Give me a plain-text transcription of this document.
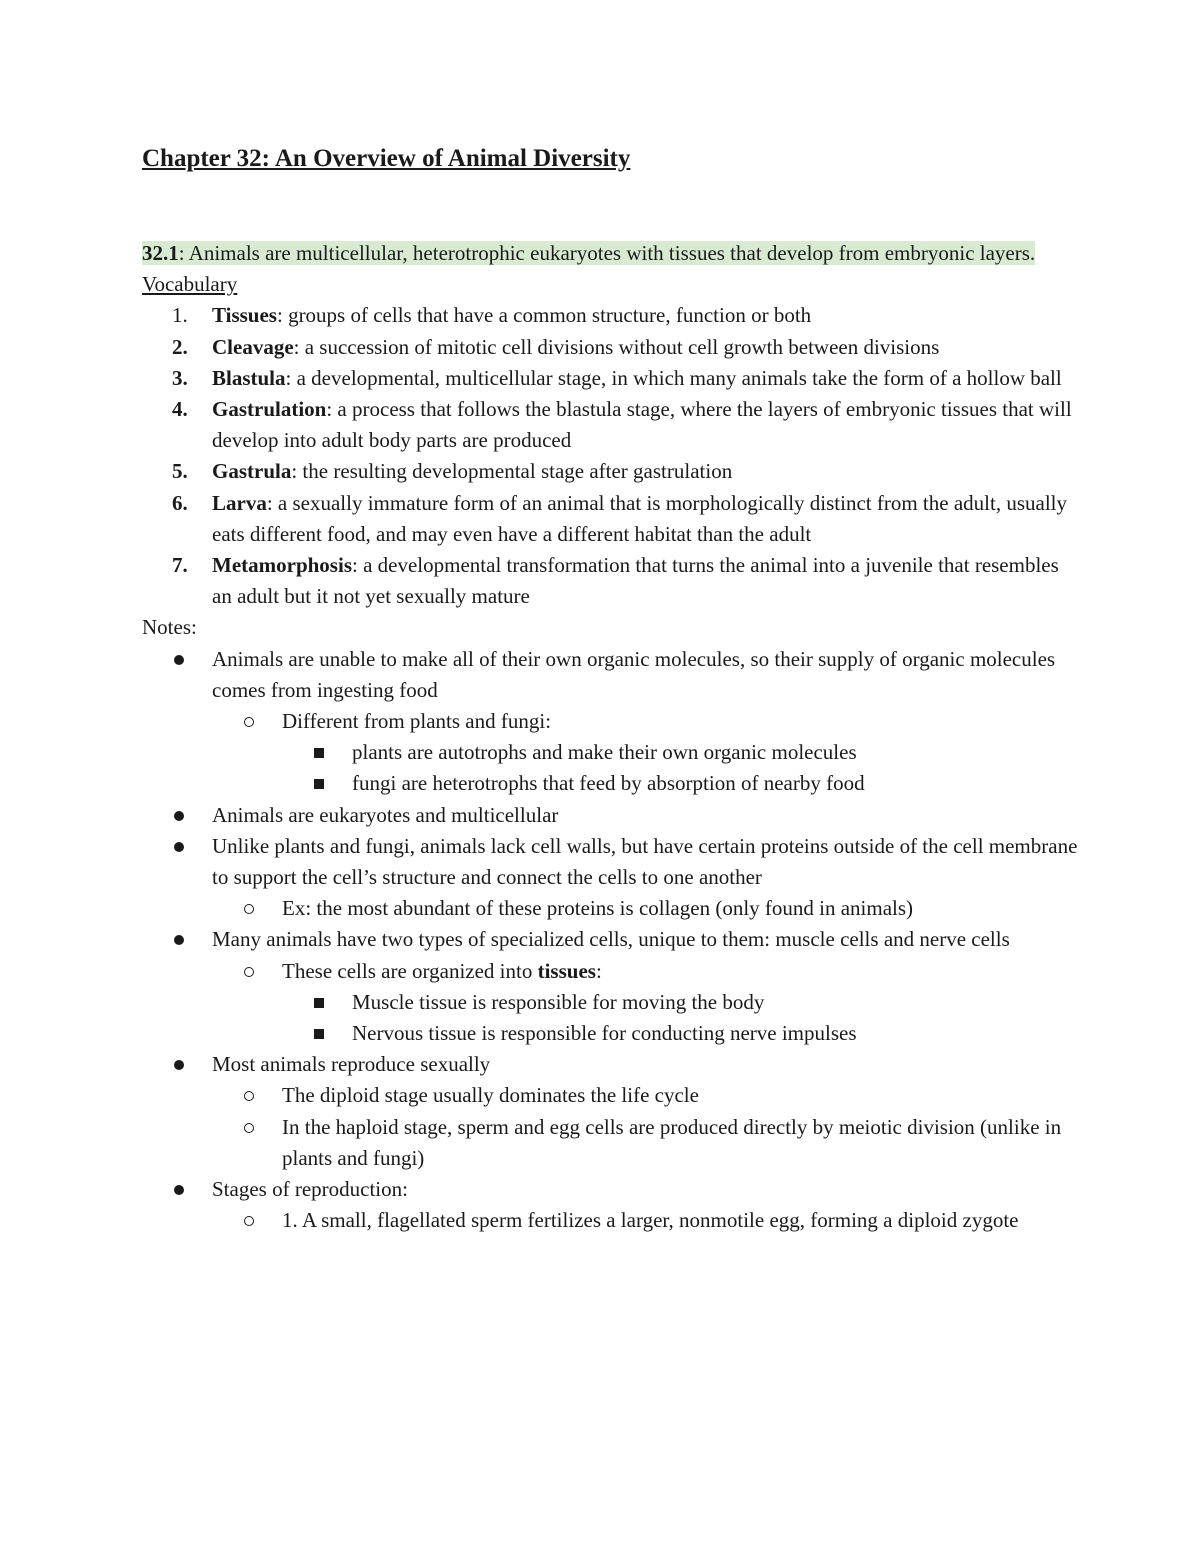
Chapter 32: An Overview of Animal Diversity
32.1: Animals are multicellular, heterotrophic eukaryotes with tissues that develop from embryonic layers.
Vocabulary
1.	Tissues: groups of cells that have a common structure, function or both
2.	Cleavage: a succession of mitotic cell divisions without cell growth between divisions
3.	Blastula: a developmental, multicellular stage, in which many animals take the form of a hollow ball
4.	Gastrulation: a process that follows the blastula stage, where the layers of embryonic tissues that will develop into adult body parts are produced
5.	Gastrula: the resulting developmental stage after gastrulation
6.	Larva: a sexually immature form of an animal that is morphologically distinct from the adult, usually eats different food, and may even have a different habitat than the adult
7.	Metamorphosis: a developmental transformation that turns the animal into a juvenile that resembles an adult but it not yet sexually mature
Notes:
Animals are unable to make all of their own organic molecules, so their supply of organic molecules comes from ingesting food
Different from plants and fungi:
plants are autotrophs and make their own organic molecules
fungi are heterotrophs that feed by absorption of nearby food
Animals are eukaryotes and multicellular
Unlike plants and fungi, animals lack cell walls, but have certain proteins outside of the cell membrane to support the cell’s structure and connect the cells to one another
Ex: the most abundant of these proteins is collagen (only found in animals)
Many animals have two types of specialized cells, unique to them: muscle cells and nerve cells
These cells are organized into tissues:
Muscle tissue is responsible for moving the body
Nervous tissue is responsible for conducting nerve impulses
Most animals reproduce sexually
The diploid stage usually dominates the life cycle
In the haploid stage, sperm and egg cells are produced directly by meiotic division (unlike in plants and fungi)
Stages of reproduction:
1. A small, flagellated sperm fertilizes a larger, nonmotile egg, forming a diploid zygote
